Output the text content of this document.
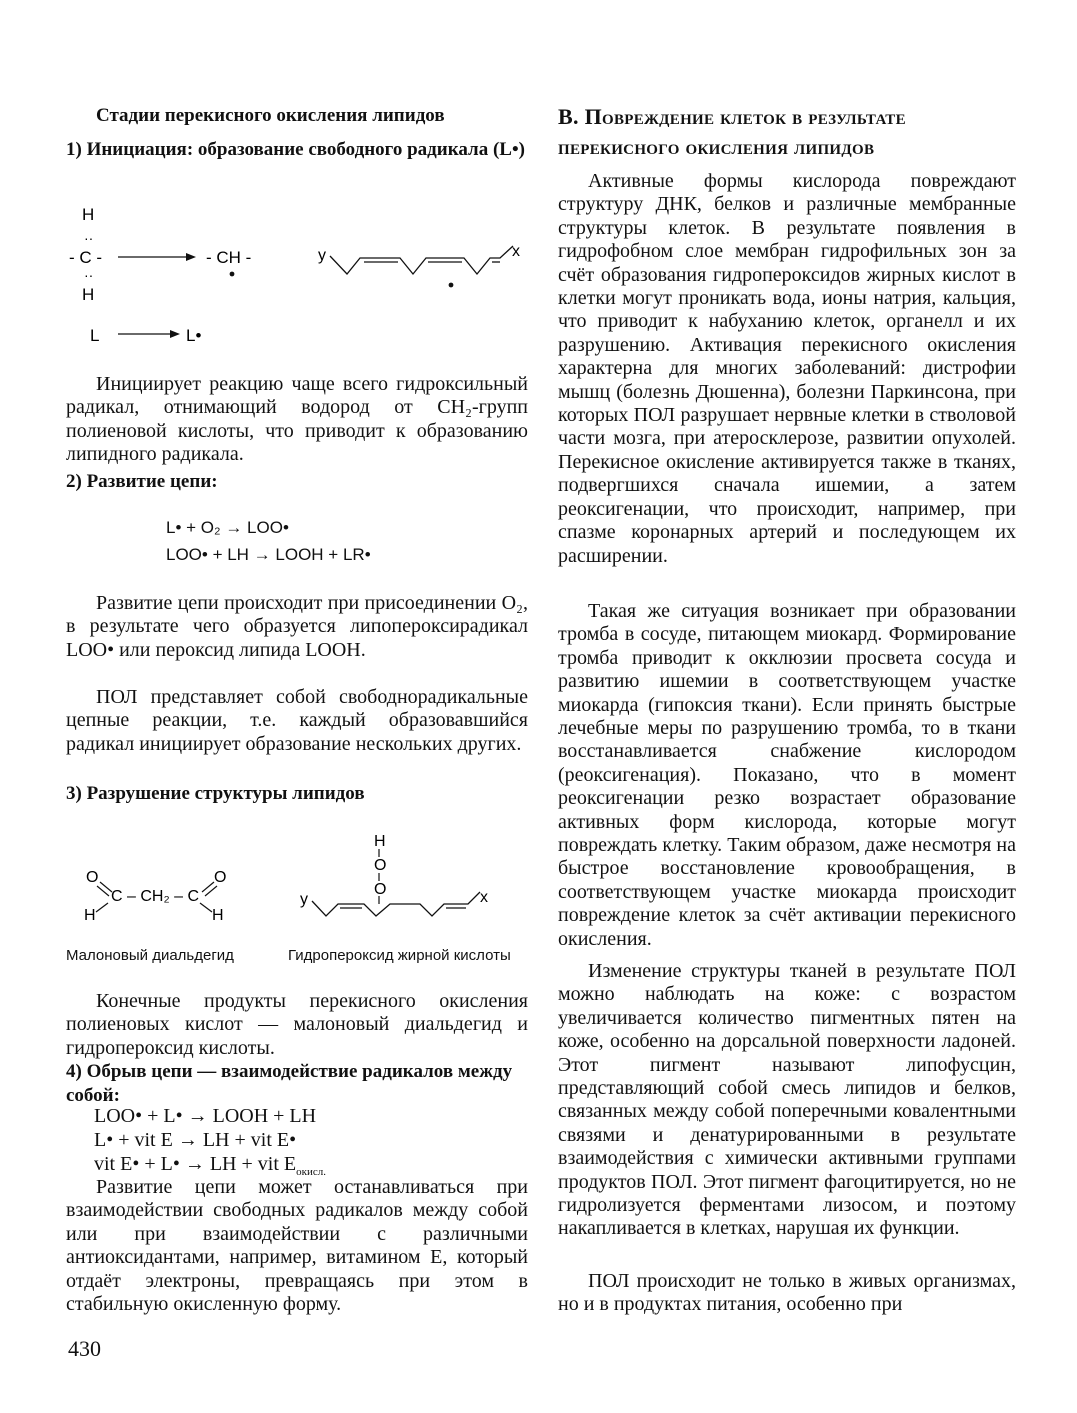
Стадии перекисного окисления липидов
1) Инициация: образование свободного радикала (L•)
H
··
- C -
··
H
- CH -	y	x
L	L•

Инициирует реакцию чаще всего гидроксильный радикал, отнимающий водород от CH₂-групп полиеновой кислоты, что приводит к образованию липидного радикала.

2) Развитие цепи:
L• + O₂ → LOO•
LOO• + LH → LOOH + LR•

Развитие цепи происходит при присоединении O₂, в результате чего образуется липопероксирадикал LOO• или пероксид липида LOOH.

ПОЛ представляет собой свободнорадикальные цепные реакции, т.е. каждый образовавшийся радикал инициирует образование нескольких других.

3) Разрушение структуры липидов
O
C – CH₂ – C
O
H	H
H
O
O
y	x
Малоновый диальдегид	Гидропероксид жирной кислоты

Конечные продукты перекисного окисления полиеновых кислот — малоновый диальдегид и гидропероксид кислоты.

4) Обрыв цепи — взаимодействие радикалов между собой:
LOO• + L• → LOOH + LH
L• + vit E → LH + vit E•
vit E• + L• → LH + vit $E_{окисл.}$

Развитие цепи может останавливаться при взаимодействии свободных радикалов между собой или при взаимодействии с различными антиоксидантами, например, витамином E, который отдаёт электроны, превращаясь при этом в стабильную окисленную форму.

В. Повреждение клеток в результате перекисного окисления липидов

Активные формы кислорода повреждают структуру ДНК, белков и различные мембранные структуры клеток. В результате появления в гидрофобном слое мембран гидрофильных зон за счёт образования гидропероксидов жирных кислот в клетки могут проникать вода, ионы натрия, кальция, что приводит к набуханию клеток, органелл и их разрушению. Активация перекисного окисления характерна для многих заболеваний: дистрофии мышц (болезнь Дюшенна), болезни Паркинсона, при которых ПОЛ разрушает нервные клетки в стволовой части мозга, при атеросклерозе, развитии опухолей. Перекисное окисление активируется также в тканях, подвергшихся сначала ишемии, а затем реоксигенации, что происходит, например, при спазме коронарных артерий и последующем их расширении.

Такая же ситуация возникает при образовании тромба в сосуде, питающем миокард. Формирование тромба приводит к окклюзии просвета сосуда и развитию ишемии в соответствующем участке миокарда (гипоксия ткани). Если принять быстрые лечебные меры по разрушению тромба, то в ткани восстанавливается снабжение кислородом (реоксигенация). Показано, что в момент реоксигенации резко возрастает образование активных форм кислорода, которые могут повреждать клетку. Таким образом, даже несмотря на быстрое восстановление кровообращения, в соответствующем участке миокарда происходит повреждение клеток за счёт активации перекисного окисления.

Изменение структуры тканей в результате ПОЛ можно наблюдать на коже: с возрастом увеличивается количество пигментных пятен на коже, особенно на дорсальной поверхности ладоней. Этот пигмент называют липофусцин, представляющий собой смесь липидов и белков, связанных между собой поперечными ковалентными связями и денатурированными в результате взаимодействия с химически активными группами продуктов ПОЛ. Этот пигмент фагоцитируется, но не гидролизуется ферментами лизосом, и поэтому накапливается в клетках, нарушая их функции.

ПОЛ происходит не только в живых организмах, но и в продуктах питания, особенно при

430
